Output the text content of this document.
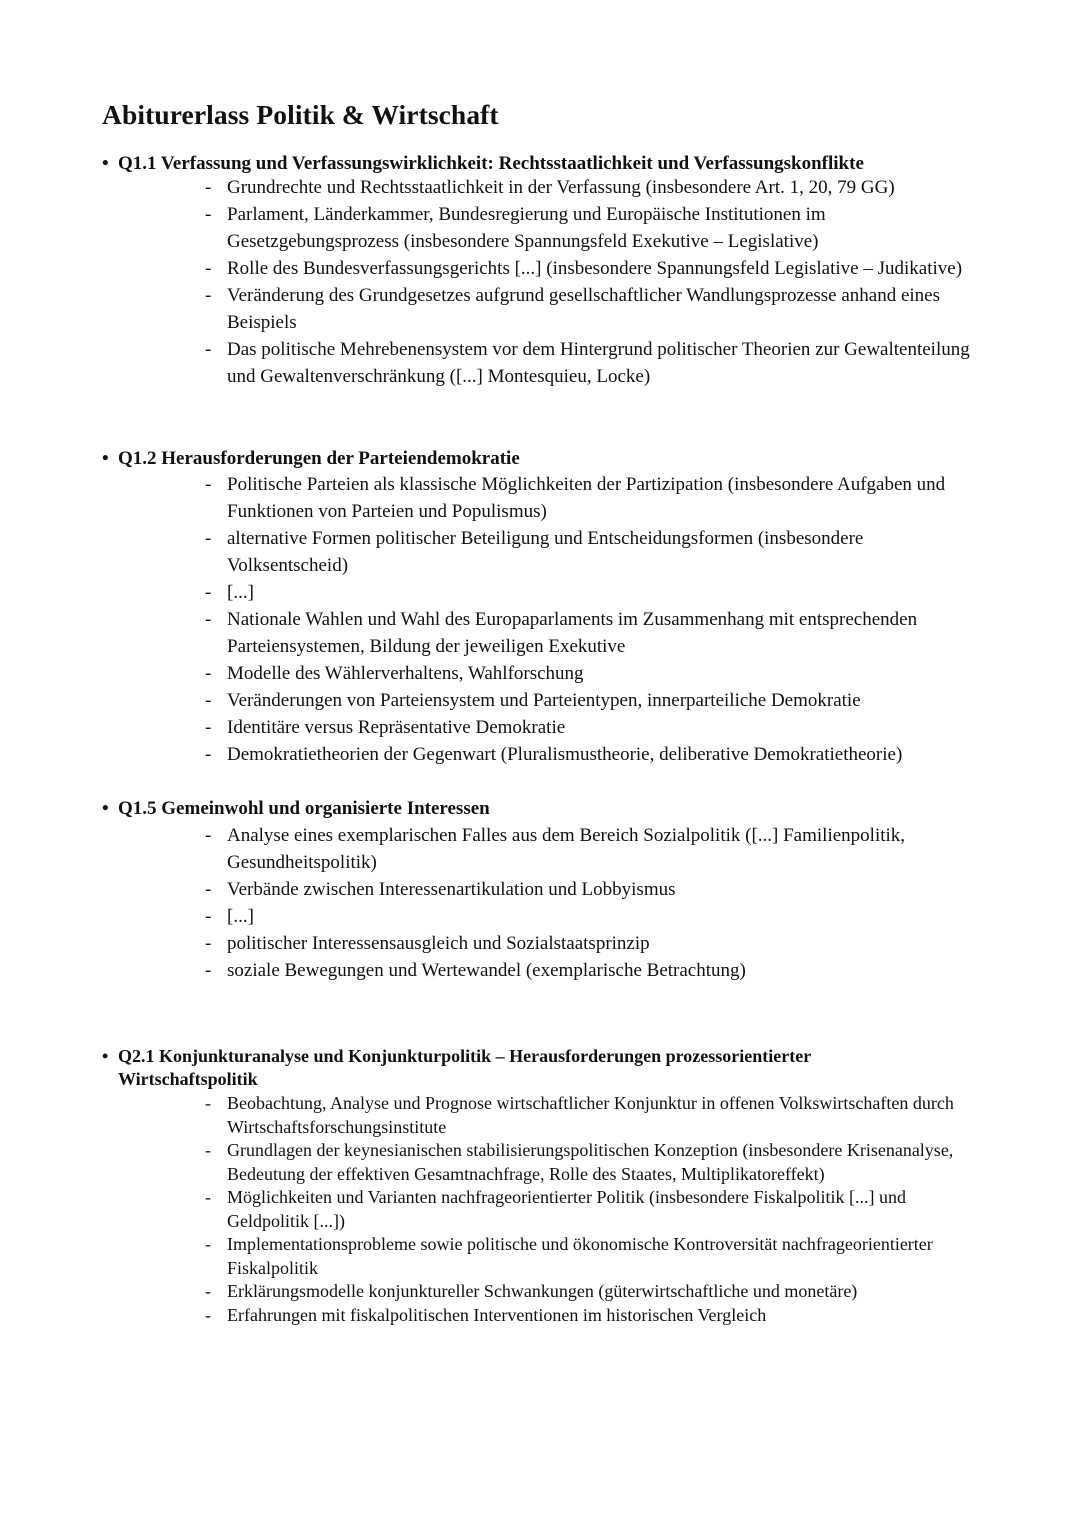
Abiturerlass Politik & Wirtschaft
• Q1.1 Verfassung und Verfassungswirklichkeit: Rechtsstaatlichkeit und Verfassungskonflikte
- Grundrechte und Rechtsstaatlichkeit in der Verfassung (insbesondere Art. 1, 20, 79 GG)
- Parlament, Länderkammer, Bundesregierung und Europäische Institutionen im Gesetzgebungsprozess (insbesondere Spannungsfeld Exekutive – Legislative)
- Rolle des Bundesverfassungsgerichts [...] (insbesondere Spannungsfeld Legislative – Judikative)
- Veränderung des Grundgesetzes aufgrund gesellschaftlicher Wandlungsprozesse anhand eines Beispiels
- Das politische Mehrebenensystem vor dem Hintergrund politischer Theorien zur Gewaltenteilung und Gewaltenverschränkung ([...] Montesquieu, Locke)
• Q1.2 Herausforderungen der Parteiendemokratie
- Politische Parteien als klassische Möglichkeiten der Partizipation (insbesondere Aufgaben und Funktionen von Parteien und Populismus)
- alternative Formen politischer Beteiligung und Entscheidungsformen (insbesondere Volksentscheid)
- [...]
- Nationale Wahlen und Wahl des Europaparlaments im Zusammenhang mit entsprechenden Parteiensystemen, Bildung der jeweiligen Exekutive
- Modelle des Wählerverhaltens, Wahlforschung
- Veränderungen von Parteiensystem und Parteientypen, innerparteiliche Demokratie
- Identitäre versus Repräsentative Demokratie
- Demokratietheorien der Gegenwart (Pluralismustheorie, deliberative Demokratietheorie)
• Q1.5 Gemeinwohl und organisierte Interessen
- Analyse eines exemplarischen Falles aus dem Bereich Sozialpolitik ([...] Familienpolitik, Gesundheitspolitik)
- Verbände zwischen Interessenartikulation und Lobbyismus
- [...]
- politischer Interessensausgleich und Sozialstaatsprinzip
- soziale Bewegungen und Wertewandel (exemplarische Betrachtung)
• Q2.1 Konjunkturanalyse und Konjunkturpolitik – Herausforderungen prozessorientierter Wirtschaftspolitik
- Beobachtung, Analyse und Prognose wirtschaftlicher Konjunktur in offenen Volkswirtschaften durch Wirtschaftsforschungsinstitute
- Grundlagen der keynesianischen stabilisierungspolitischen Konzeption (insbesondere Krisenanalyse, Bedeutung der effektiven Gesamtnachfrage, Rolle des Staates, Multiplikatoreffekt)
- Möglichkeiten und Varianten nachfrageorientierter Politik (insbesondere Fiskalpolitik [...] und Geldpolitik [...])
- Implementationsprobleme sowie politische und ökonomische Kontroversität nachfrageorientierter Fiskalpolitik
- Erklärungsmodelle konjunktureller Schwankungen (güterwirtschaftliche und monetäre)
- Erfahrungen mit fiskalpolitischen Interventionen im historischen Vergleich
